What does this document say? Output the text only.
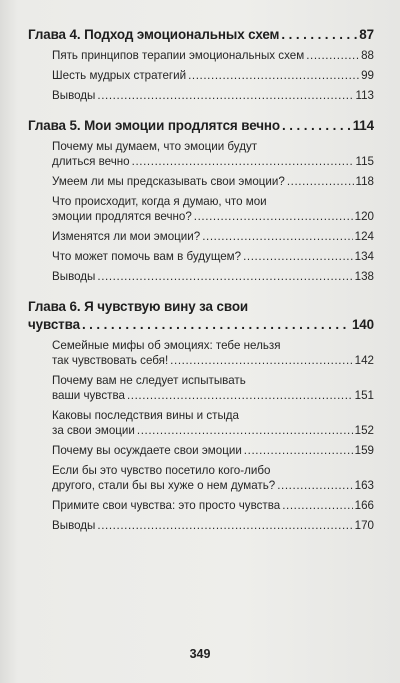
Глава 4. Подход эмоциональных схем . . .	87
Пять принципов терапии эмоциональных схем .....	88
Шесть мудрых стратегий .....	99
Выводы .....	113
Глава 5. Мои эмоции продлятся вечно . . .	114
Почему мы думаем, что эмоции будут
длиться вечно .....	115
Умеем ли мы предсказывать свои эмоции? .....	118
Что происходит, когда я думаю, что мои
эмоции продлятся вечно? .....	120
Изменятся ли мои эмоции? .....	124
Что может помочь вам в будущем? .....	134
Выводы .....	138
Глава 6. Я чувствую вину за свои
чувства . . .	140
Семейные мифы об эмоциях: тебе нельзя
так чувствовать себя! .....	142
Почему вам не следует испытывать
ваши чувства .....	151
Каковы последствия вины и стыда
за свои эмоции .....	152
Почему вы осуждаете свои эмоции .....	159
Если бы это чувство посетило кого-либо
другого, стали бы вы хуже о нем думать? .....	163
Примите свои чувства: это просто чувства .....	166
Выводы .....	170
349
